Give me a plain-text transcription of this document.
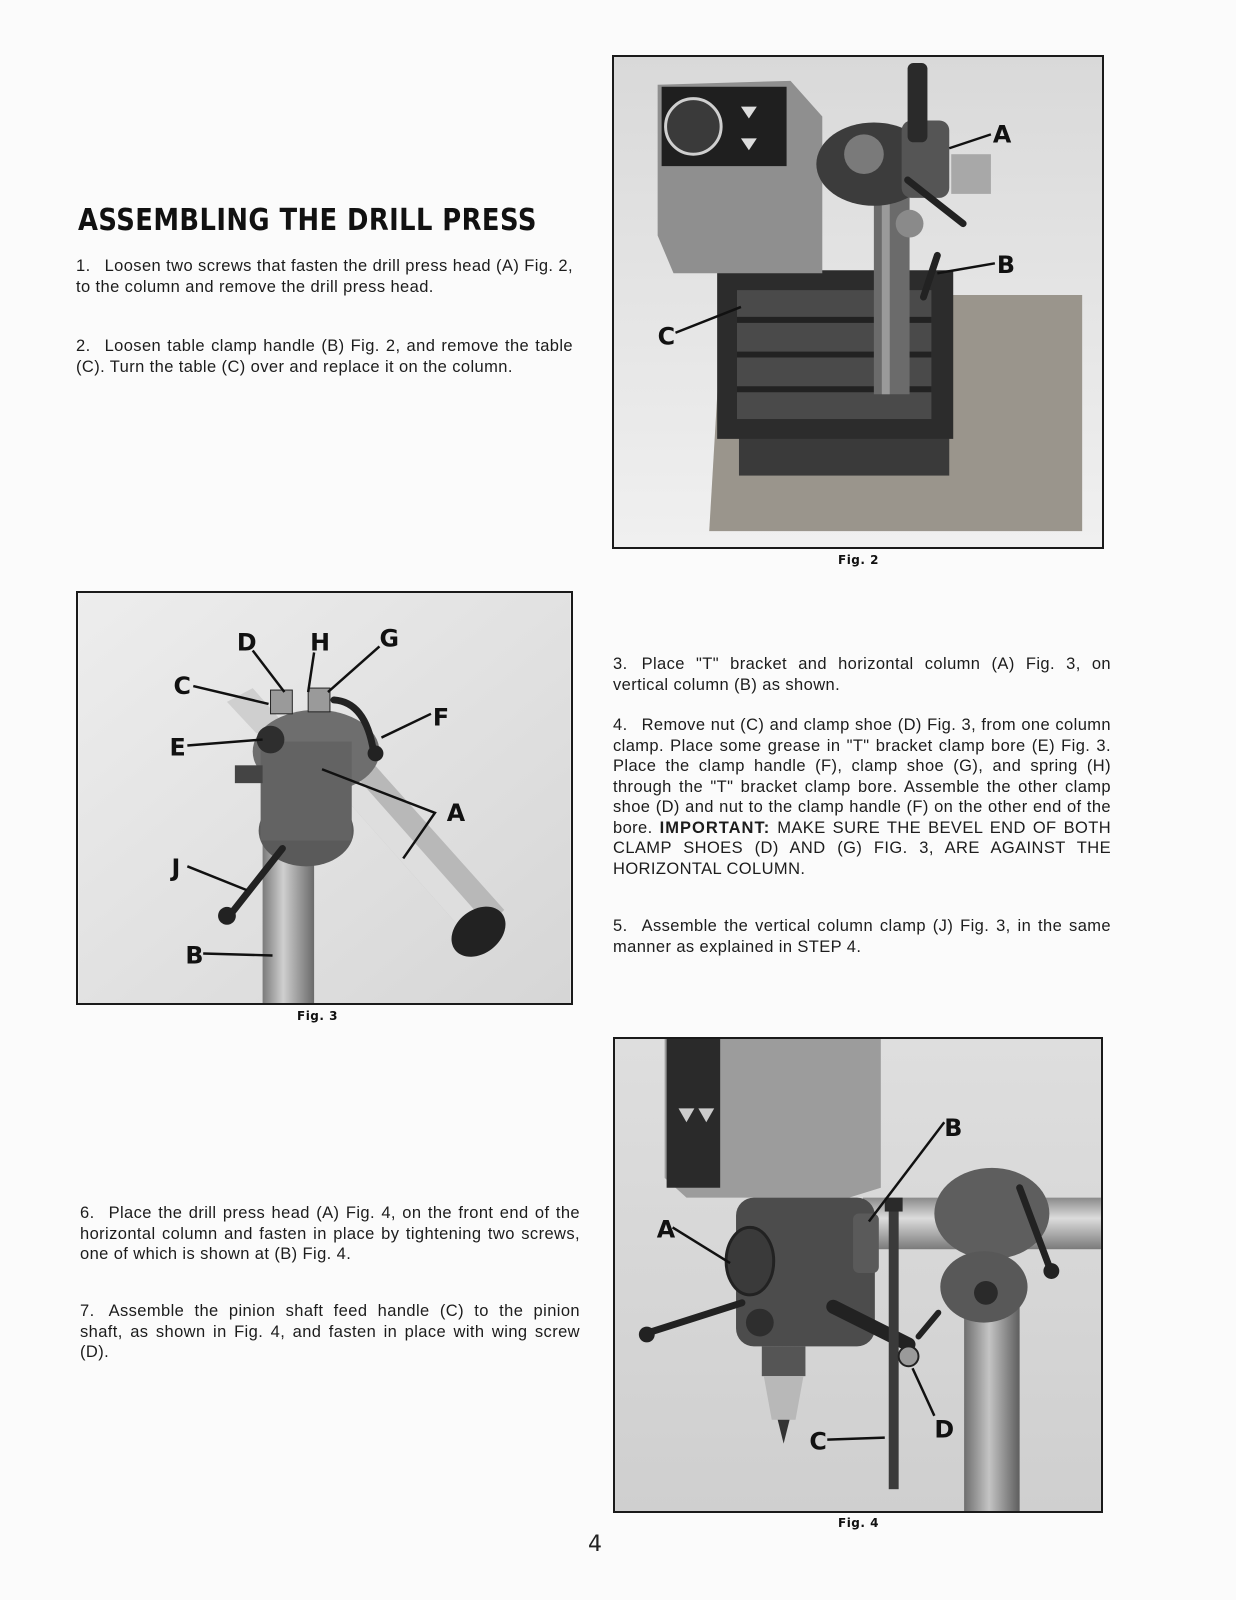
ASSEMBLING THE DRILL PRESS

1. Loosen two screws that fasten the drill press head (A) Fig. 2, to the column and remove the drill press head.

2. Loosen table clamp handle (B) Fig. 2, and remove the table (C). Turn the table (C) over and replace it on the column.

A
B
C
Fig. 2
D H G
C
E
F
A
J
B
Fig. 3

3. Place "T" bracket and horizontal column (A) Fig. 3, on vertical column (B) as shown.

4. Remove nut (C) and clamp shoe (D) Fig. 3, from one column clamp. Place some grease in "T" bracket clamp bore (E) Fig. 3. Place the clamp handle (F), clamp shoe (G), and spring (H) through the "T" bracket clamp bore. Assemble the other clamp shoe (D) and nut to the clamp handle (F) on the other end of the bore. IMPORTANT: MAKE SURE THE BEVEL END OF BOTH CLAMP SHOES (D) AND (G) FIG. 3, ARE AGAINST THE HORIZONTAL COLUMN.

5. Assemble the vertical column clamp (J) Fig. 3, in the same manner as explained in STEP 4.

6. Place the drill press head (A) Fig. 4, on the front end of the horizontal column and fasten in place by tightening two screws, one of which is shown at (B) Fig. 4.

7. Assemble the pinion shaft feed handle (C) to the pinion shaft, as shown in Fig. 4, and fasten in place with wing screw (D).

A
B
C	D
Fig. 4
4
